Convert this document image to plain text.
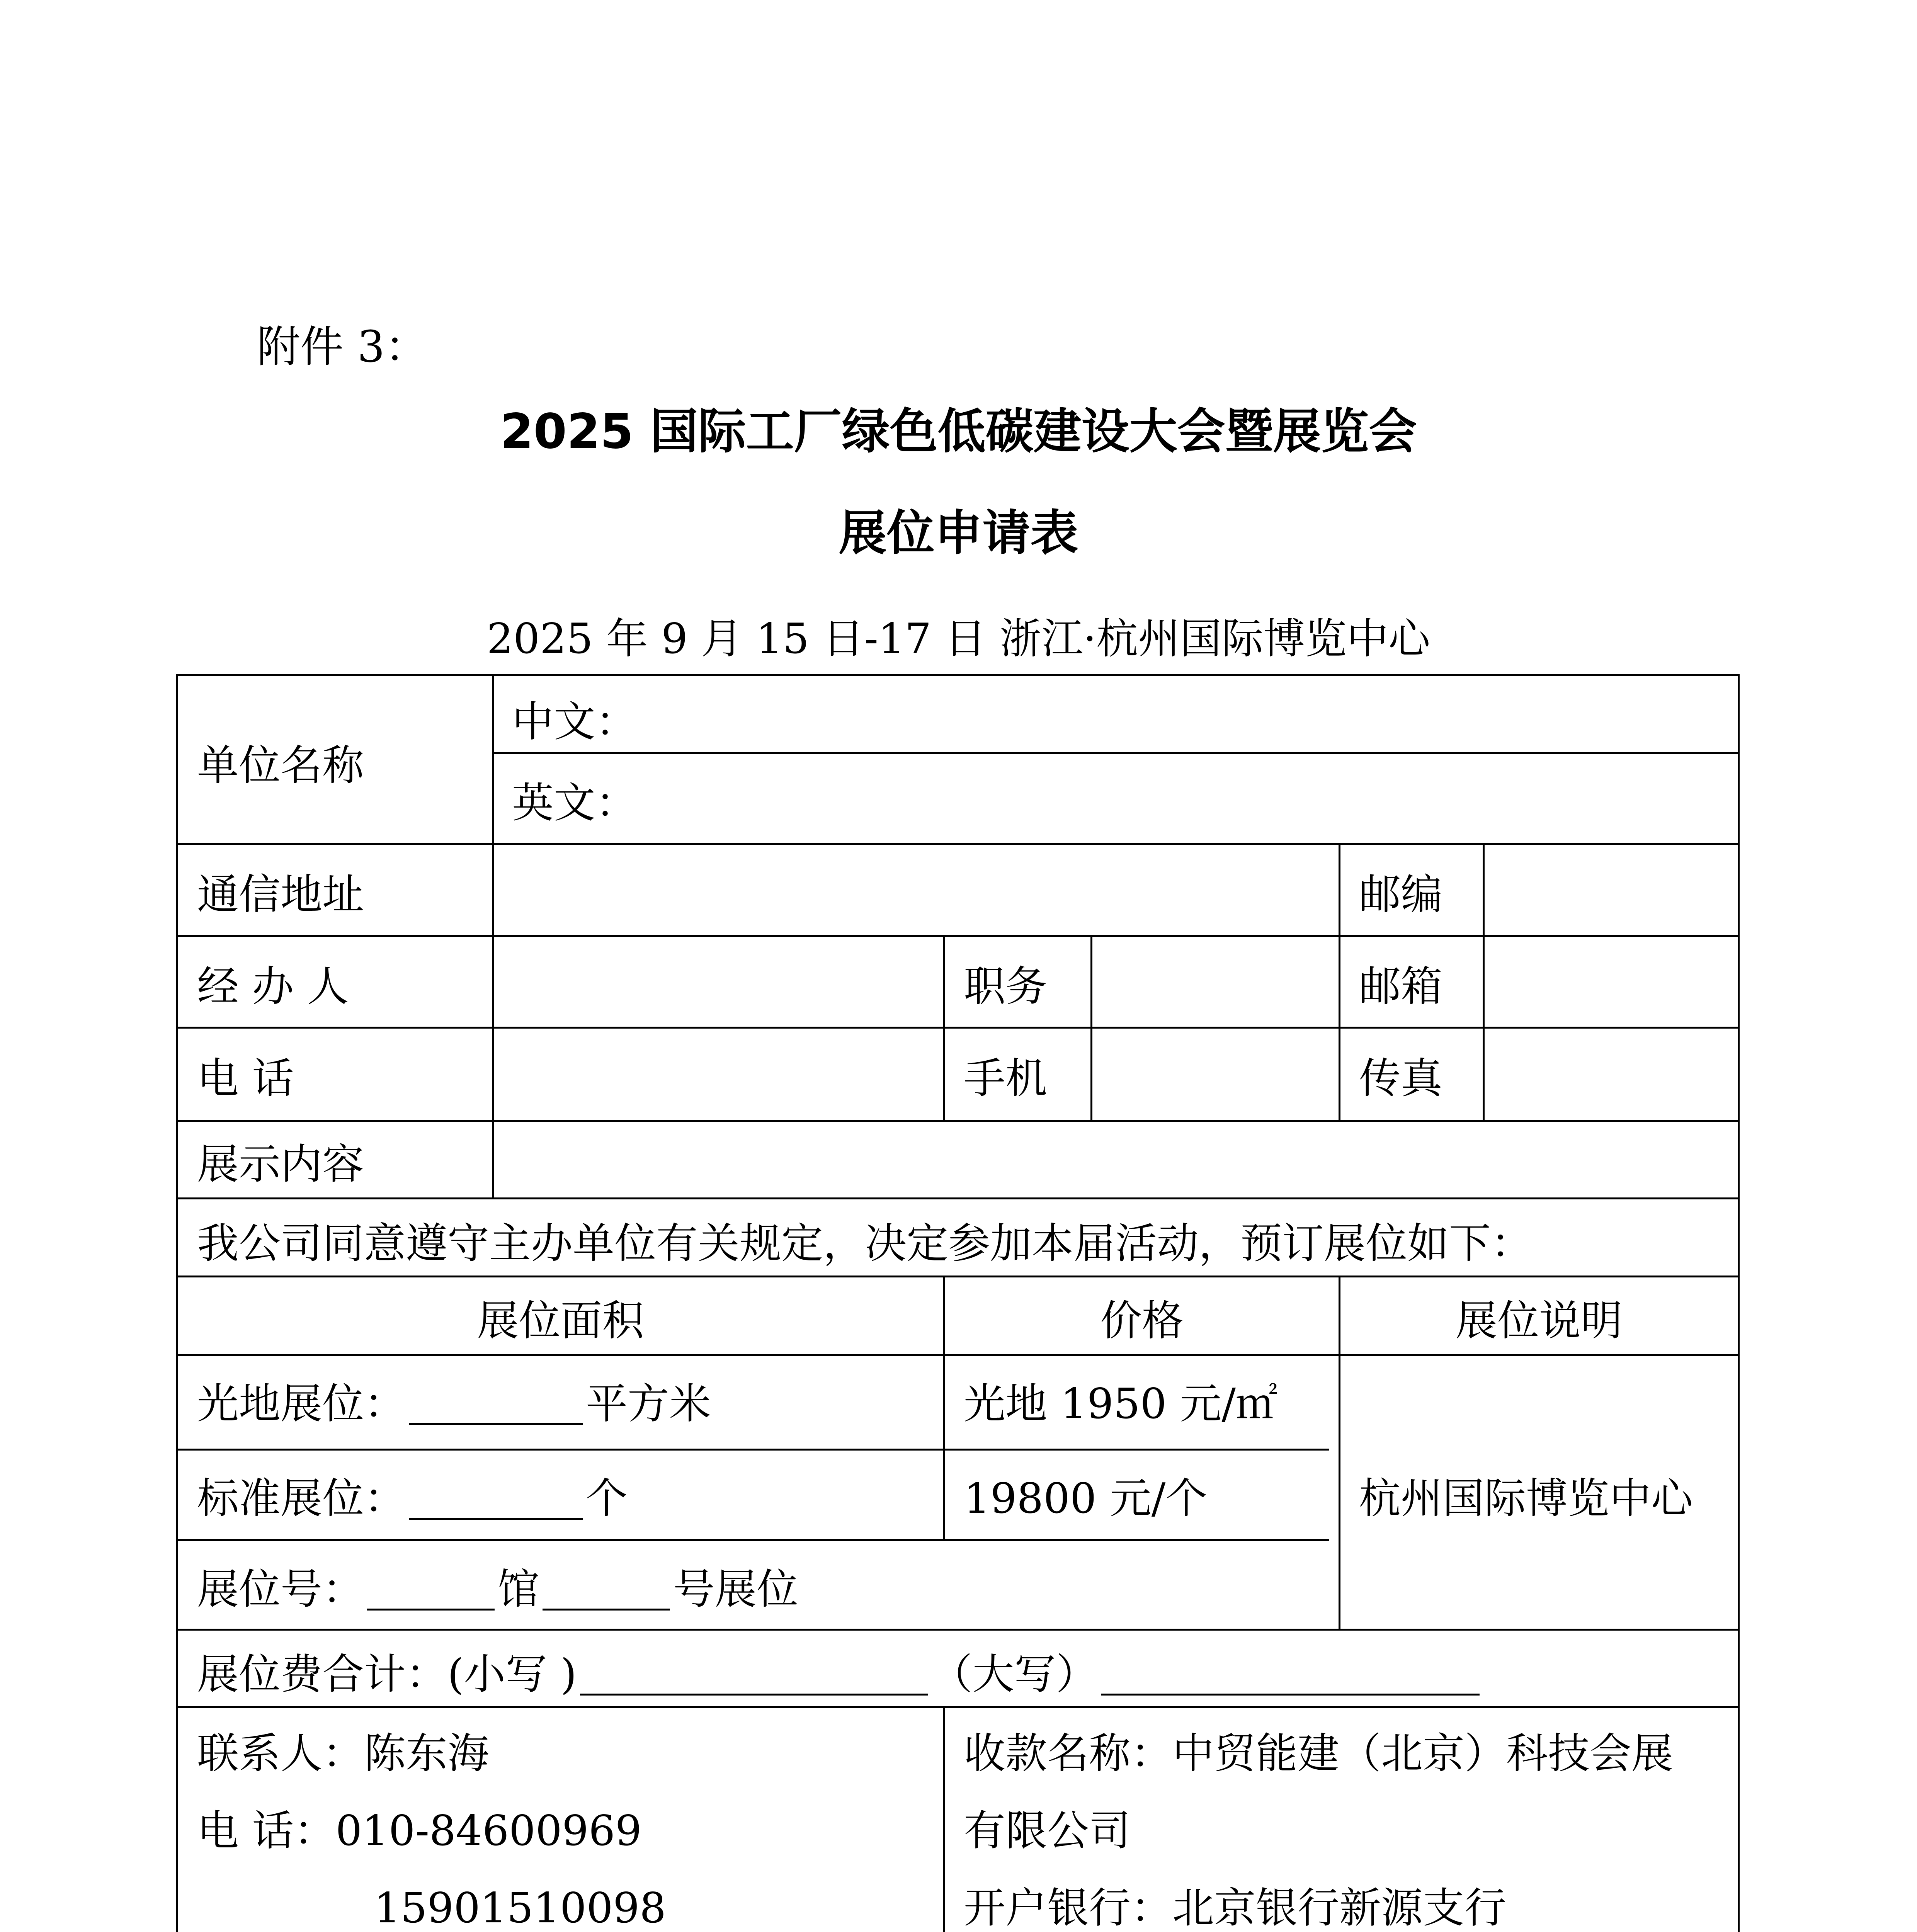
附件 3：
2025 国际工厂绿色低碳建设大会暨展览会
展位申请表
2025 年 9 月 15 日-17 日 浙江·杭州国际博览中心
单位名称
中文：
英文：
通信地址	邮编
经 办 人	职务	邮箱
电 话	手机	传真
展示内容
我公司同意遵守主办单位有关规定，决定参加本届活动，预订展位如下：
展位面积	价格	展位说明
光地展位：	平方米	光地 1950 元/㎡
标准展位：	个	19800 元/个	杭州国际博览中心
展位号：	馆	号展位
展位费合计：(小写 )	（大写）
联系人：陈东海
电 话：010-84600969
15901510098
收款名称：中贸能建（北京）科技会展
有限公司
开户银行：北京银行新源支行
